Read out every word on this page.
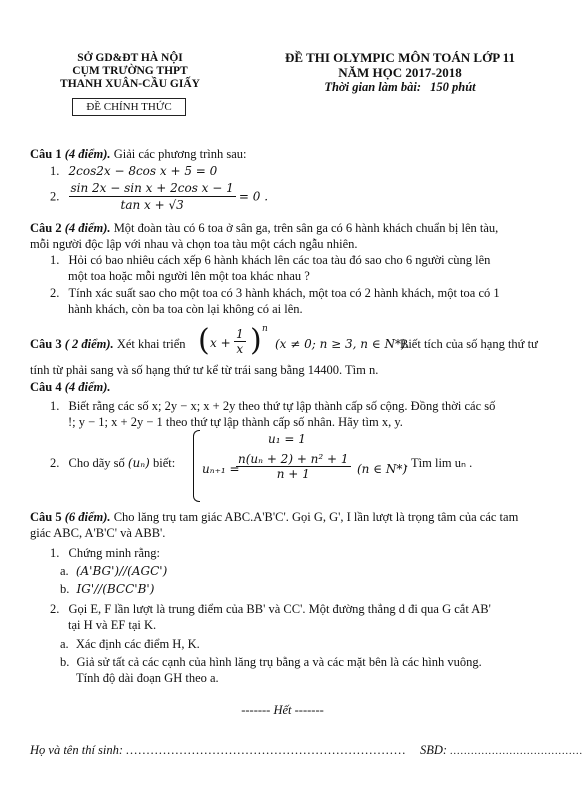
SỞ GD&ĐT HÀ NỘI
CỤM TRƯỜNG THPT
THANH XUÂN-CẦU GIẤY
ĐỀ CHÍNH THỨC
ĐỀ THI OLYMPIC MÔN TOÁN LỚP 11
NĂM HỌC 2017-2018
Thời gian làm bài: 150 phút
Câu 1 (4 điểm). Giải các phương trình sau:
1. 2cos2x − 8cos x + 5 = 0
2. $\frac{\text{sin 2x − sin x + 2cos x − 1}}{\text{tan x + √3}} = 0$ .
Câu 2 (4 điểm). Một đoàn tàu có 6 toa ở sân ga, trên sân ga có 6 hành khách chuẩn bị lên tàu,
mỗi người độc lập với nhau và chọn toa tàu một cách ngẫu nhiên.
1. Hỏi có bao nhiêu cách xếp 6 hành khách lên các toa tàu đó sao cho 6 người cùng lên
một toa hoặc mỗi người lên một toa khác nhau ?
2. Tính xác suất sao cho một toa có 3 hành khách, một toa có 2 hành khách, một toa có 1
hành khách, còn ba toa còn lại không có ai lên.
Câu 3 ( 2 điểm). Xét khai triển ( $x + \frac{1}{x}$ ) n
(x ≠ 0; n ≥ 3, n ∈ N*).
Biết tích của số hạng thứ tư
tính từ phải sang và số hạng thứ tư kể từ trái sang bằng 14400. Tìm n.
Câu 4 (4 điểm).
1. Biết rằng các số x; 2y − x; x + 2y theo thứ tự lập thành cấp số cộng. Đồng thời các số
!; y − 1; x + 2y − 1 theo thứ tự lập thành cấp số nhân. Hãy tìm x, y.
2. Cho dãy số (uₙ) biết:
u₁ = 1
uₙ₊₁ =
$\frac{\text{n(uₙ + 2) + n² + 1}}{n + 1} (n$ ∈ N*)
. Tìm lim uₙ .
Câu 5 (6 điểm). Cho lăng trụ tam giác ABC.A'B'C'. Gọi G, G', I lần lượt là trọng tâm của các tam
giác ABC, A'B'C' và ABB'.
1. Chứng minh rằng:
a. (A'BG')//(AGC')
b. IG'//(BCC'B')
2. Gọi E, F lần lượt là trung điểm của BB' và CC'. Một đường thẳng d đi qua G cắt AB'
tại H và EF tại K.
a. Xác định các điểm H, K.
b. Giả sử tất cả các cạnh của hình lăng trụ bằng a và các mặt bên là các hình vuông.
Tính độ dài đoạn GH theo a.
------- Hết -------
Họ và tên thí sinh: .................................................................... SBD: ......................................
